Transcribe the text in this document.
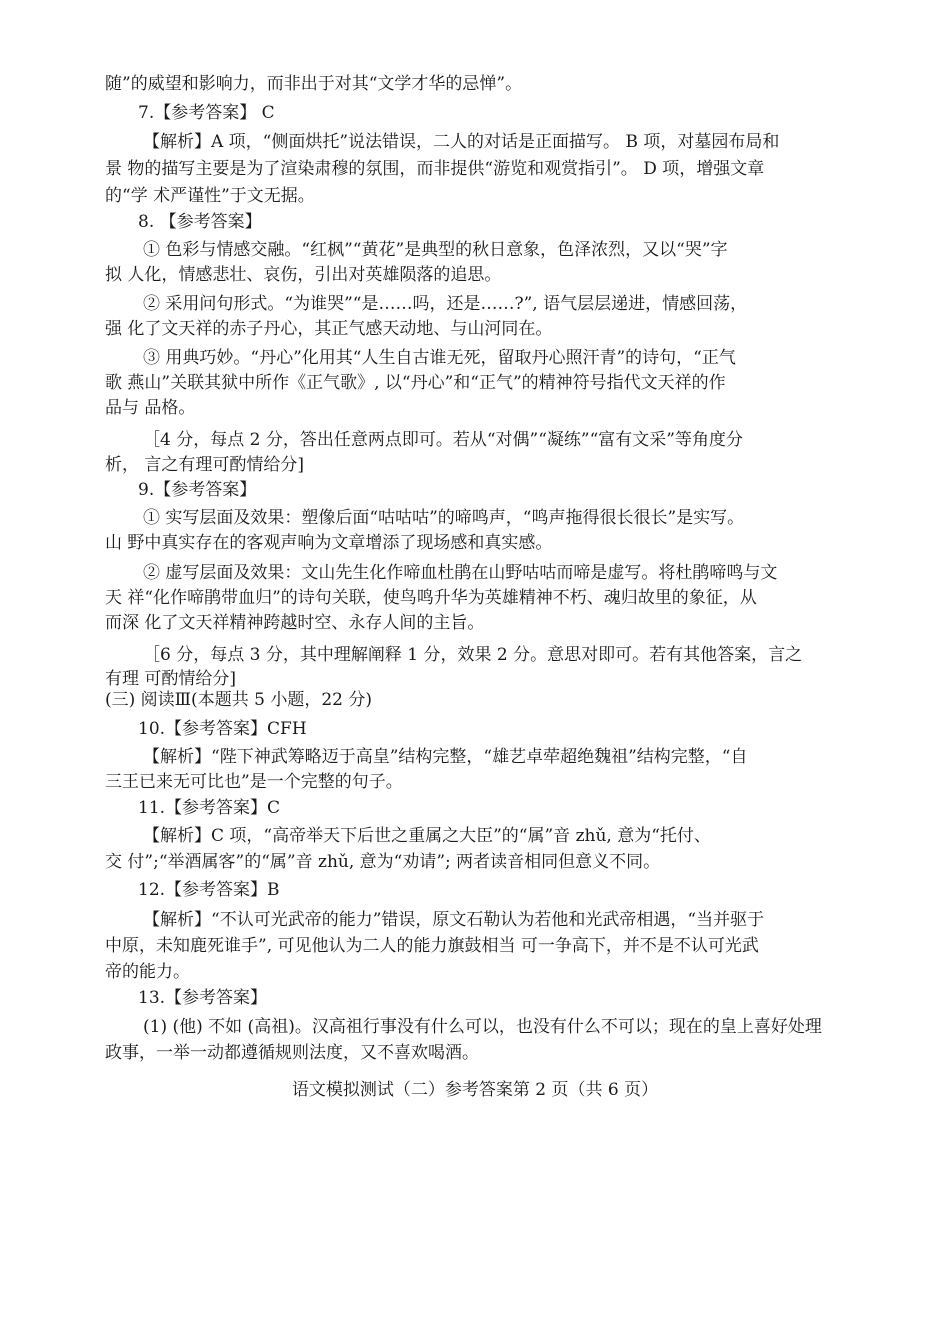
随”的威望和影响力，而非出于对其“文学才华的忌惮”。
7.【参考答案】 C
【解析】A 项，“侧面烘托”说法错误，二人的对话是正面描写。 B 项，对墓园布局和
景 物的描写主要是为了渲染肃穆的氛围，而非提供“游览和观赏指引”。 D 项，增强文章
的“学 术严谨性”于文无据。
8. 【参考答案】
① 色彩与情感交融。“红枫”“黄花”是典型的秋日意象，色泽浓烈，又以“哭”字
拟 人化，情感悲壮、哀伤，引出对英雄陨落的追思。
② 采用问句形式。“为谁哭”“是……吗，还是……?”, 语气层层递进，情感回荡，
强 化了文天祥的赤子丹心，其正气感天动地、与山河同在。
③ 用典巧妙。“丹心”化用其“人生自古谁无死，留取丹心照汗青”的诗句，“正气
歌 燕山”关联其狱中所作《正气歌》, 以“丹心”和“正气”的精神符号指代文天祥的作
品与 品格。
［4 分，每点 2 分，答出任意两点即可。若从“对偶”“凝练”“富有文采”等角度分
析， 言之有理可酌情给分]
9.【参考答案】
① 实写层面及效果：塑像后面“咕咕咕”的啼鸣声，“鸣声拖得很长很长”是实写。
山 野中真实存在的客观声响为文章增添了现场感和真实感。
② 虚写层面及效果：文山先生化作啼血杜鹃在山野咕咕而啼是虚写。将杜鹃啼鸣与文
天 祥“化作啼鹃带血归”的诗句关联，使鸟鸣升华为英雄精神不朽、魂归故里的象征，从
而深 化了文天祥精神跨越时空、永存人间的主旨。
［6 分，每点 3 分，其中理解阐释 1 分，效果 2 分。意思对即可。若有其他答案，言之
有理 可酌情给分]
(三) 阅读Ⅲ(本题共 5 小题，22 分)
10.【参考答案】CFH
【解析】“陛下神武筹略迈于高皇”结构完整，“雄艺卓荦超绝魏祖”结构完整，“自
三王已来无可比也”是一个完整的句子。
11.【参考答案】C
【解析】C 项，“高帝举天下后世之重属之大臣”的“属”音 zhǔ, 意为“托付、
交 付”;“举酒属客”的“属”音 zhǔ, 意为“劝请”; 两者读音相同但意义不同。
12.【参考答案】B
【解析】“不认可光武帝的能力”错误，原文石勒认为若他和光武帝相遇，“当并驱于
中原，未知鹿死谁手”, 可见他认为二人的能力旗鼓相当 可一争高下，并不是不认可光武
帝的能力。
13.【参考答案】
(1) (他) 不如 (高祖)。汉高祖行事没有什么可以，也没有什么不可以；现在的皇上喜好处理
政事，一举一动都遵循规则法度，又不喜欢喝酒。
语文模拟测试（二）参考答案第 2 页（共 6 页）
